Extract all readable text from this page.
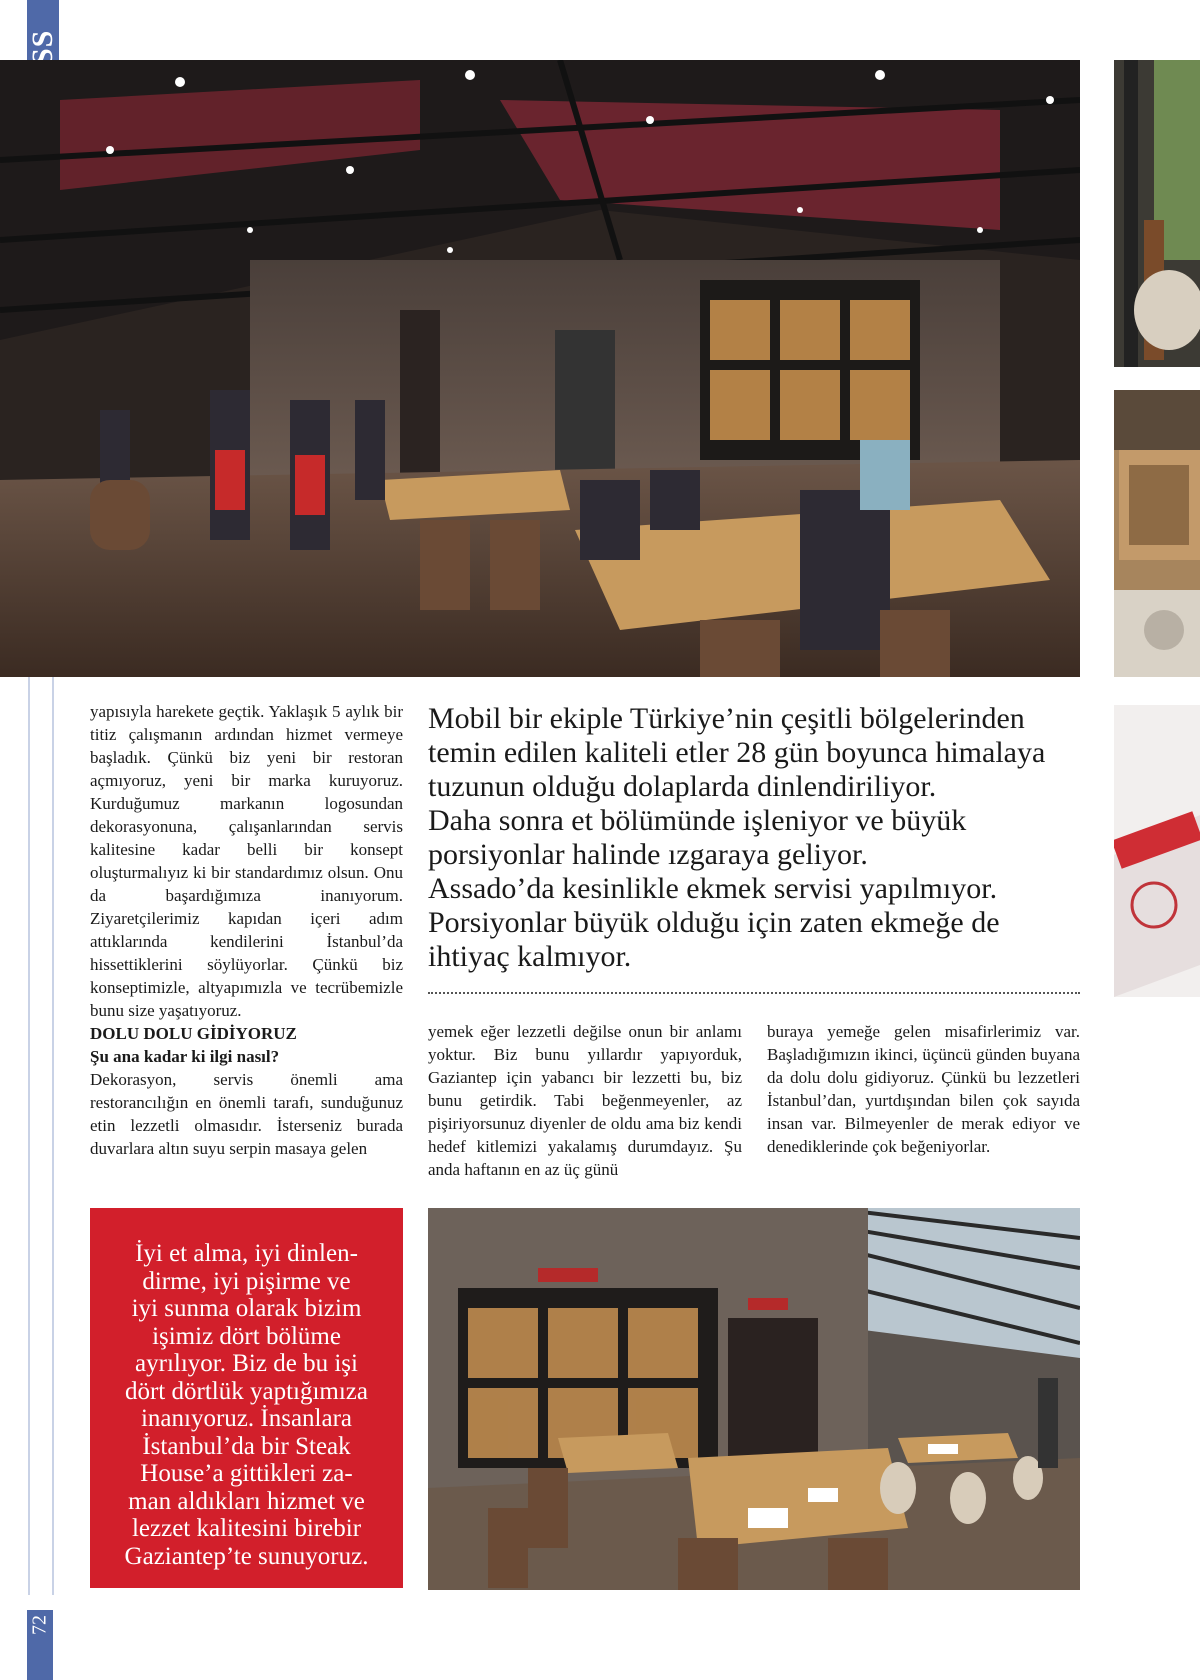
72

yapısıyla harekete geçtik. Yaklaşık 5 aylık bir titiz çalışmanın ardından hizmet vermeye başladık. Çünkü biz yeni bir restoran açmıyoruz, yeni bir marka kuruyoruz. Kurduğumuz markanın logosundan dekorasyonuna, çalışanlarından servis kalitesine kadar belli bir konsept oluşturmalıyız ki bir standardımız olsun. Onu da başardığımıza inanıyorum. Ziyaretçilerimiz kapıdan içeri adım attıklarında kendilerini İstanbul’da hissettiklerini söylüyorlar. Çünkü biz konseptimizle, altyapımızla ve tecrübemizle bunu size yaşatıyoruz.

DOLU DOLU GİDİYORUZ

Şu ana kadar ki ilgi nasıl?

Dekorasyon, servis önemli ama restorancılığın en önemli tarafı, sunduğunuz etin lezzetli olmasıdır. İsterseniz burada duvarlara altın suyu serpin masaya gelen

Mobil bir ekiple Türkiye’nin çeşitli bölgelerinden
temin edilen kaliteli etler 28 gün boyunca himalaya
tuzunun olduğu dolaplarda dinlendiriliyor.
Daha sonra et bölümünde işleniyor ve büyük
porsiyonlar halinde ızgaraya geliyor.
Assado’da kesinlikle ekmek servisi yapılmıyor.
Porsiyonlar büyük olduğu için zaten ekmeğe de
ihtiyaç kalmıyor.

yemek eğer lezzetli değilse onun bir anlamı yoktur. Biz bunu yıllardır yapıyorduk, Gaziantep için yabancı bir lezzetti bu, biz bunu getirdik. Tabi beğenmeyenler, az pişiriyorsunuz diyenler de oldu ama biz kendi hedef kitlemizi yakalamış durumdayız. Şu anda haftanın en az üç günü

buraya yemeğe gelen misafirlerimiz var. Başladığımızın ikinci, üçüncü günden buyana da dolu dolu gidiyoruz. Çünkü bu lezzetleri İstanbul’dan, yurtdışından bilen çok sayıda insan var. Bilmeyenler de merak ediyor ve denediklerinde çok beğeniyorlar.

İyi et alma, iyi dinlen-
dirme, iyi pişirme ve
iyi sunma olarak bizim
işimiz dört bölüme
ayrılıyor. Biz de bu işi
dört dörtlük yaptığımıza
inanıyoruz. İnsanlara
İstanbul’da bir Steak
House’a gittikleri za-
man aldıkları hizmet ve
lezzet kalitesini birebir
Gaziantep’te sunuyoruz.
